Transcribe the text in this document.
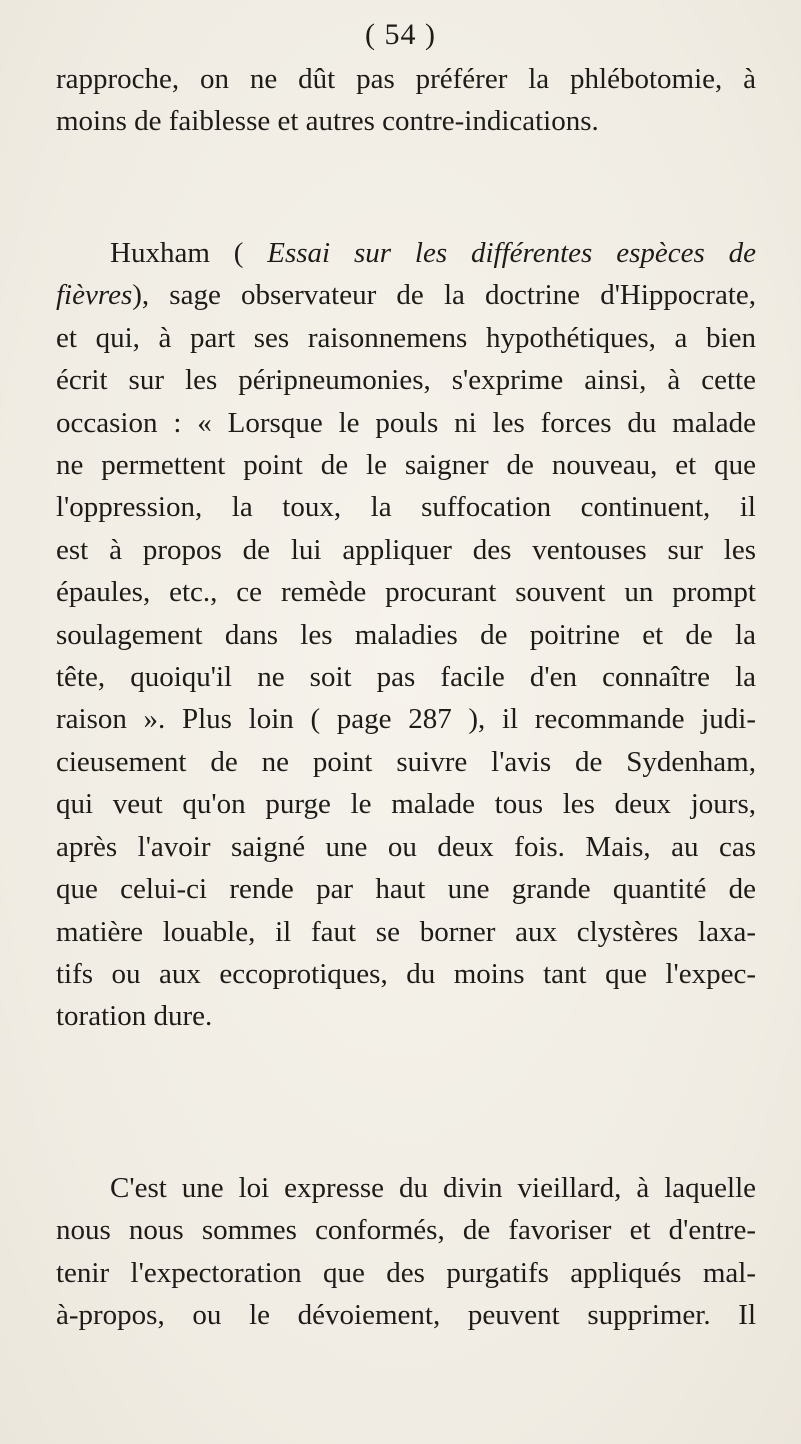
( 54 )
rapproche, on ne dût pas préférer la phlébotomie, à
moins de faiblesse et autres contre-indications.
Huxham ( Essai sur les différentes espèces de
fièvres), sage observateur de la doctrine d'Hippocrate,
et qui, à part ses raisonnemens hypothétiques, a bien
écrit sur les péripneumonies, s'exprime ainsi, à cette
occasion : « Lorsque le pouls ni les forces du malade
ne permettent point de le saigner de nouveau, et que
l'oppression, la toux, la suffocation continuent, il
est à propos de lui appliquer des ventouses sur les
épaules, etc., ce remède procurant souvent un prompt
soulagement dans les maladies de poitrine et de la
tête, quoiqu'il ne soit pas facile d'en connaître la
raison ». Plus loin ( page 287 ), il recommande judi-
cieusement de ne point suivre l'avis de Sydenham,
qui veut qu'on purge le malade tous les deux jours,
après l'avoir saigné une ou deux fois. Mais, au cas
que celui-ci rende par haut une grande quantité de
matière louable, il faut se borner aux clystères laxa-
tifs ou aux eccoprotiques, du moins tant que l'expec-
toration dure.
C'est une loi expresse du divin vieillard, à laquelle
nous nous sommes conformés, de favoriser et d'entre-
tenir l'expectoration que des purgatifs appliqués mal-
à-propos, ou le dévoiement, peuvent supprimer. Il
